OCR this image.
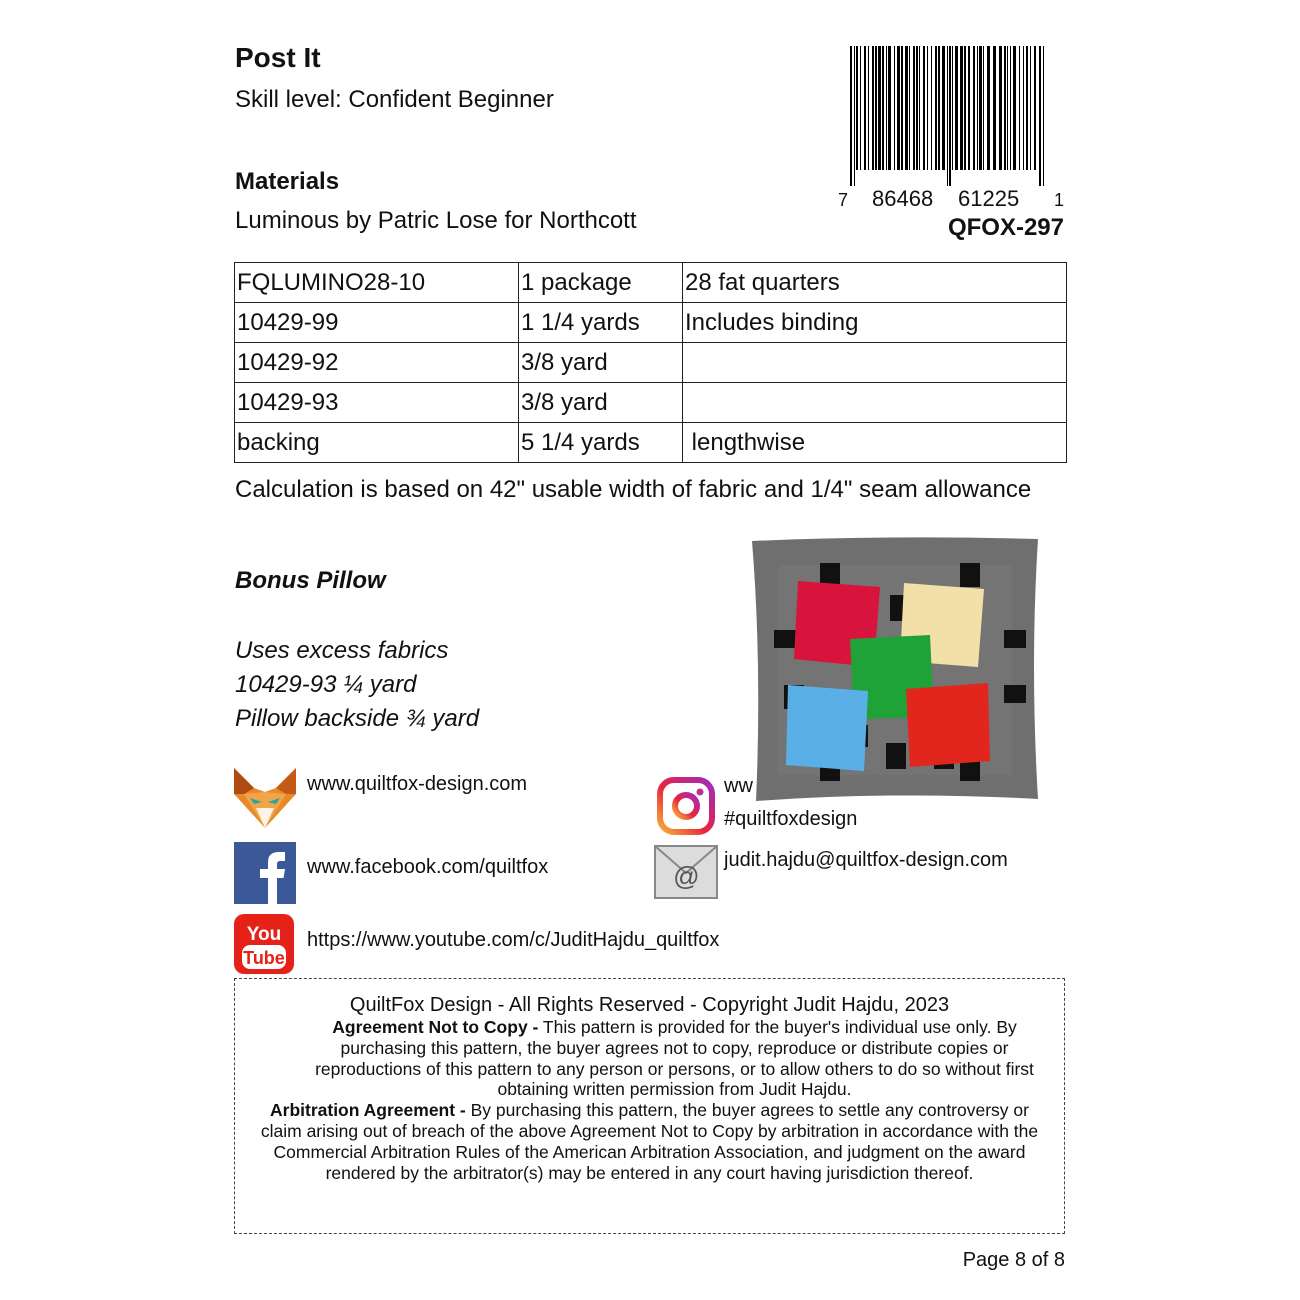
Post It
Skill level: Confident Beginner
7 86468 61225 1
Materials
Luminous by Patric Lose for Northcott	QFOX-297
FQLUMINO28-10	1 package	28 fat quarters
10429-99	1 1/4 yards	Includes binding
10429-92	3/8 yard	
10429-93	3/8 yard	
backing	5 1/4 yards	lengthwise
Calculation is based on 42" usable width of fabric and 1/4" seam allowance
Bonus Pillow
Uses excess fabrics
10429-93 ¼ yard
Pillow backside ¾ yard
www.quiltfox-design.com	ww
#quiltfoxdesign
www.facebook.com/quiltfox	@
judit.hajdu@quiltfox-design.com
You
Tube
https://www.youtube.com/c/JuditHajdu_quiltfox

QuiltFox Design - All Rights Reserved - Copyright Judit Hajdu, 2023

Agreement Not to Copy - This pattern is provided for the buyer's individual use only. By purchasing this pattern, the buyer agrees not to copy, reproduce or distribute copies or reproductions of this pattern to any person or persons, or to allow others to do so without first obtaining written permission from Judit Hajdu.

Arbitration Agreement - By purchasing this pattern, the buyer agrees to settle any controversy or claim arising out of breach of the above Agreement Not to Copy by arbitration in accordance with the Commercial Arbitration Rules of the American Arbitration Association, and judgment on the award rendered by the arbitrator(s) may be entered in any court having jurisdiction thereof.

Page 8 of 8
